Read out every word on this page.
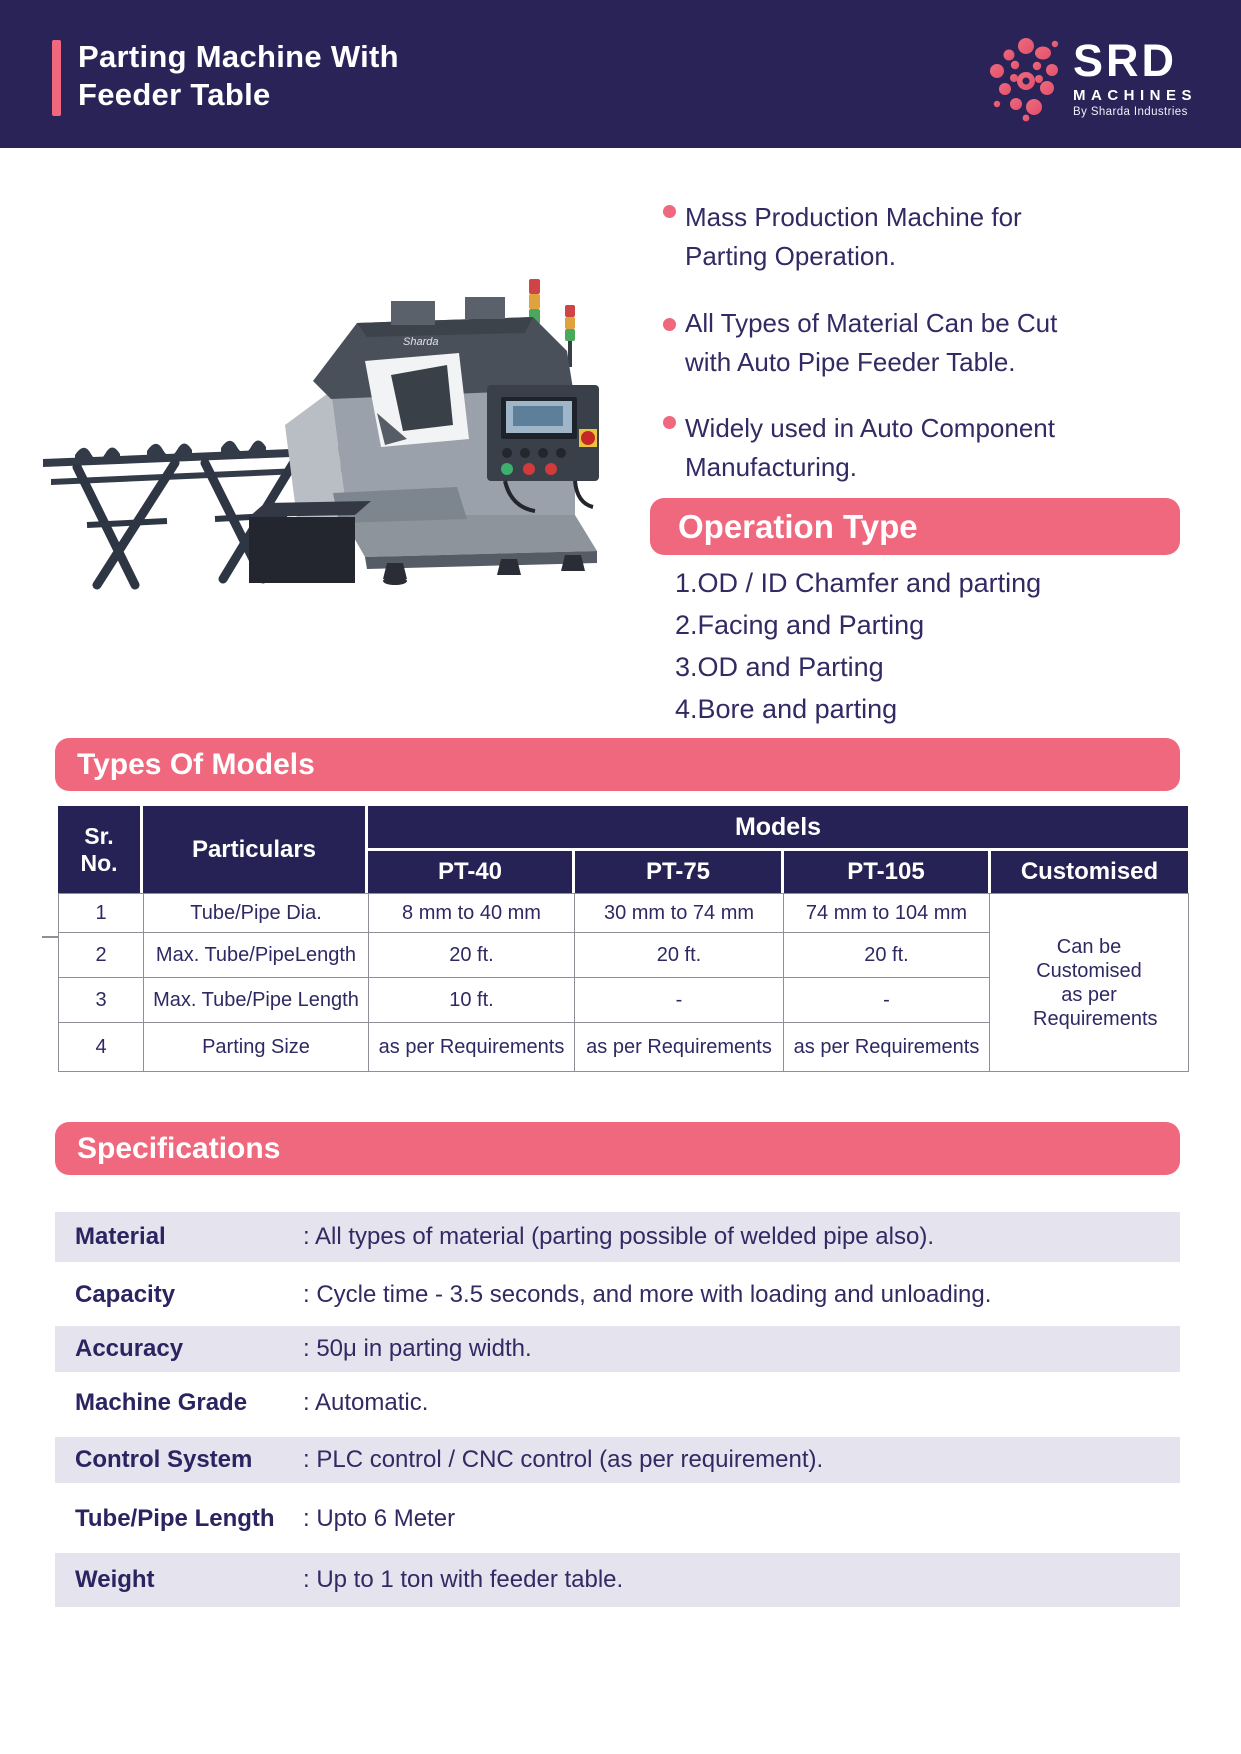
Parting Machine With
Feeder Table
SRD
MACHINES
By Sharda Industries
Sharda
Mass Production Machine for
Parting Operation.
All Types of Material Can be Cut
with Auto Pipe Feeder Table.
Widely used in Auto Component
Manufacturing.
Operation Type
1.OD / ID Chamfer and parting
2.Facing and Parting
3.OD and Parting
4.Bore and parting
Types Of Models
Sr.
No.	Particulars
Models
PT-40	PT-75	PT-105	Customised
1	Tube/Pipe Dia.	8 mm to 40 mm	30 mm to 74 mm	74 mm to 104 mm	Can be Customised as per Requirements

2	Max. Tube/PipeLength	20 ft.	20 ft.	20 ft.	
3	Max. Tube/Pipe Length	10 ft.	-	-	
4	Parting Size	as per Requirements	as per Requirements	as per Requirements	
Specifications
Material	: All types of material (parting possible of welded pipe also).
Capacity	: Cycle time - 3.5 seconds, and more with loading and unloading.
Accuracy	: 50μ in parting width.
Machine Grade	: Automatic.
Control System	: PLC control / CNC control (as per requirement).
Tube/Pipe Length	: Upto 6 Meter
Weight	: Up to 1 ton with feeder table.
